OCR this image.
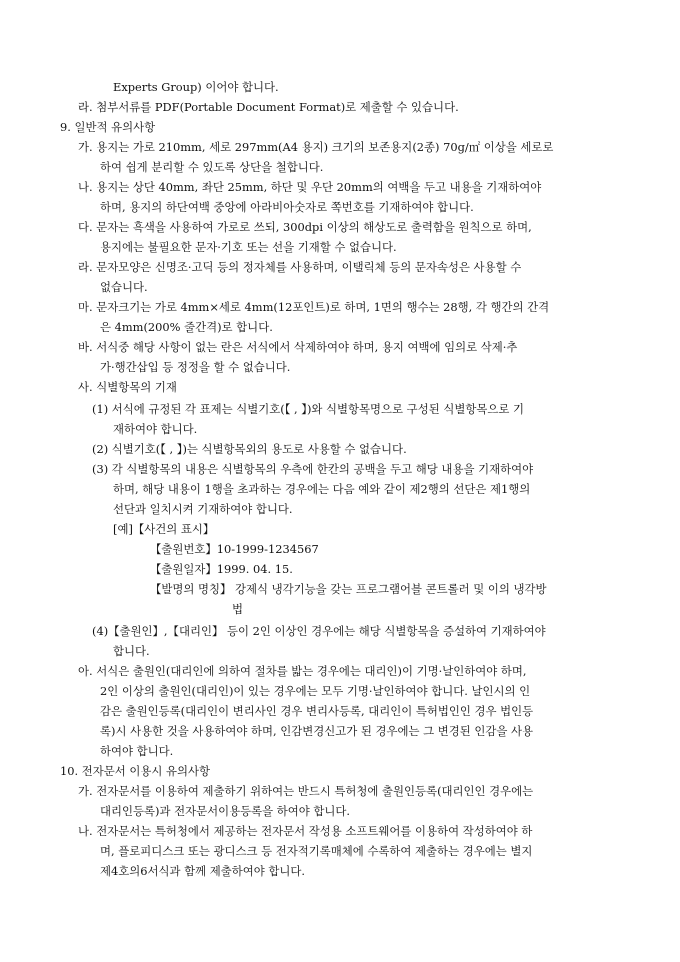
Experts Group) 이어야 합니다.
라. 첨부서류를 PDF(Portable Document Format)로 제출할 수 있습니다.
9. 일반적 유의사항
가. 용지는 가로 210mm, 세로 297mm(A4 용지) 크기의 보존용지(2종) 70g/㎡ 이상을 세로로
하여 쉽게 분리할 수 있도록 상단을 철합니다.
나. 용지는 상단 40mm, 좌단 25mm, 하단 및 우단 20mm의 여백을 두고 내용을 기재하여야
하며, 용지의 하단여백 중앙에 아라비아숫자로 쪽번호를 기재하여야 합니다.
다. 문자는 흑색을 사용하여 가로로 쓰되, 300dpi 이상의 해상도로 출력함을 원칙으로 하며,
용지에는 불필요한 문자·기호 또는 선을 기재할 수 없습니다.
라. 문자모양은 신명조·고딕 등의 정자체를 사용하며, 이탤릭체 등의 문자속성은 사용할 수
없습니다.
마. 문자크기는 가로 4mm×세로 4mm(12포인트)로 하며, 1면의 행수는 28행, 각 행간의 간격
은 4mm(200% 줄간격)로 합니다.
바. 서식중 해당 사항이 없는 란은 서식에서 삭제하여야 하며, 용지 여백에 임의로 삭제·추
가·행간삽입 등 정정을 할 수 없습니다.
사. 식별항목의 기재
(1) 서식에 규정된 각 표제는 식별기호(【 , 】)와 식별항목명으로 구성된 식별항목으로 기
재하여야 합니다.
(2) 식별기호(【 , 】)는 식별항목외의 용도로 사용할 수 없습니다.
(3) 각 식별항목의 내용은 식별항목의 우측에 한칸의 공백을 두고 해당 내용을 기재하여야
하며, 해당 내용이 1행을 초과하는 경우에는 다음 예와 같이 제2행의 선단은 제1행의
선단과 일치시켜 기재하여야 합니다.
[예]【사건의 표시】
【출원번호】10-1999-1234567
【출원일자】1999. 04. 15.
【발명의 명칭】 강제식 냉각기능을 갖는 프로그램어블 콘트롤러 및 이의 냉각방
법
(4)【출원인】,【대리인】 등이 2인 이상인 경우에는 해당 식별항목을 증설하여 기재하여야
합니다.
아. 서식은 출원인(대리인에 의하여 절차를 밟는 경우에는 대리인)이 기명·날인하여야 하며,
2인 이상의 출원인(대리인)이 있는 경우에는 모두 기명·날인하여야 합니다. 날인시의 인
감은 출원인등록(대리인이 변리사인 경우 변리사등록, 대리인이 특허법인인 경우 법인등
록)시 사용한 것을 사용하여야 하며, 인감변경신고가 된 경우에는 그 변경된 인감을 사용
하여야 합니다.
10. 전자문서 이용시 유의사항
가. 전자문서를 이용하여 제출하기 위하여는 반드시 특허청에 출원인등록(대리인인 경우에는
대리인등록)과 전자문서이용등록을 하여야 합니다.
나. 전자문서는 특허청에서 제공하는 전자문서 작성용 소프트웨어를 이용하여 작성하여야 하
며, 플로피디스크 또는 광디스크 등 전자적기록매체에 수록하여 제출하는 경우에는 별지
제4호의6서식과 함께 제출하여야 합니다.
